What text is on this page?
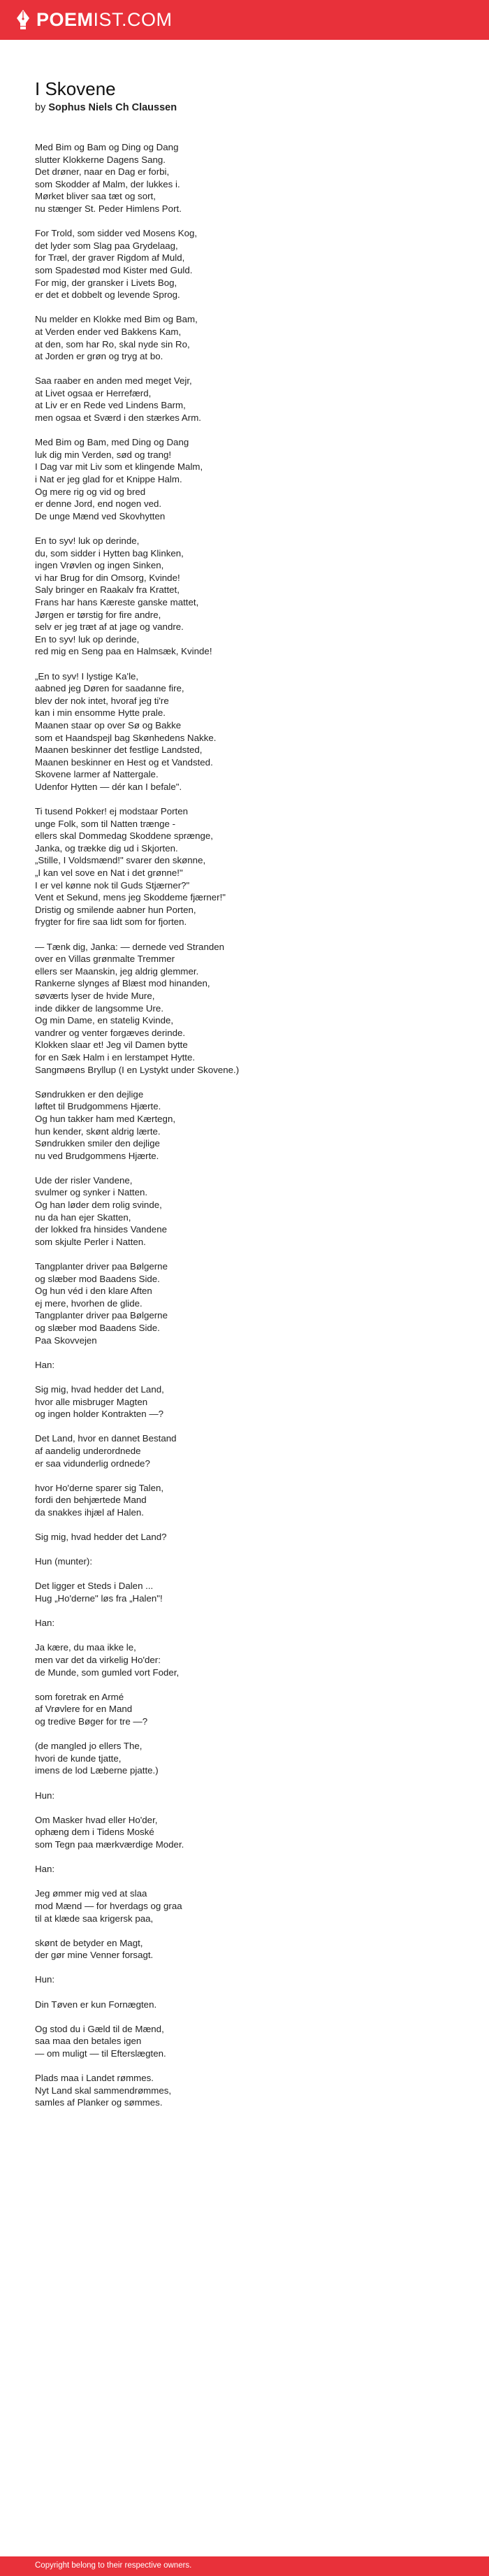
POEMIST.COM
I Skovene
by Sophus Niels Ch Claussen
Med Bim og Bam og Ding og Dang
slutter Klokkerne Dagens Sang.
Det drøner, naar en Dag er forbi,
som Skodder af Malm, der lukkes i.
Mørket bliver saa tæt og sort,
nu stænger St. Peder Himlens Port.
For Trold, som sidder ved Mosens Kog,
det lyder som Slag paa Grydelaag,
for Træl, der graver Rigdom af Muld,
som Spadestød mod Kister med Guld.
For mig, der gransker i Livets Bog,
er det et dobbelt og levende Sprog.
Nu melder en Klokke med Bim og Bam,
at Verden ender ved Bakkens Kam,
at den, som har Ro, skal nyde sin Ro,
at Jorden er grøn og tryg at bo.
Saa raaber en anden med meget Vejr,
at Livet ogsaa er Herrefærd,
at Liv er en Rede ved Lindens Barm,
men ogsaa et Sværd i den stærkes Arm.
Med Bim og Bam, med Ding og Dang
luk dig min Verden, sød og trang!
I Dag var mit Liv som et klingende Malm,
i Nat er jeg glad for et Knippe Halm.
Og mere rig og vid og bred
er denne Jord, end nogen ved.
De unge Mænd ved Skovhytten
En to syv! luk op derinde,
du, som sidder i Hytten bag Klinken,
ingen Vrøvlen og ingen Sinken,
vi har Brug for din Omsorg, Kvinde!
Saly bringer en Raakalv fra Krattet,
Frans har hans Kæreste ganske mattet,
Jørgen er tørstig for fire andre,
selv er jeg træt af at jage og vandre.
En to syv! luk op derinde,
red mig en Seng paa en Halmsæk, Kvinde!
„En to syv! I lystige Ka'le,
aabned jeg Døren for saadanne fire,
blev der nok intet, hvoraf jeg ti're
kan i min ensomme Hytte prale.
Maanen staar op over Sø og Bakke
som et Haandspejl bag Skønhedens Nakke.
Maanen beskinner det festlige Landsted,
Maanen beskinner en Hest og et Vandsted.
Skovene larmer af Nattergale.
Udenfor Hytten — dér kan I befale".
Ti tusend Pokker! ej modstaar Porten
unge Folk, som til Natten trænge -
ellers skal Dommedag Skoddene sprænge,
Janka, og trække dig ud i Skjorten.
„Stille, I Voldsmænd!" svarer den skønne,
„I kan vel sove en Nat i det grønne!"
I er vel kønne nok til Guds Stjærner?"
Vent et Sekund, mens jeg Skoddeme fjærner!"
Dristig og smilende aabner hun Porten,
frygter for fire saa lidt som for fjorten.
— Tænk dig, Janka: — dernede ved Stranden
over en Villas grønmalte Tremmer
ellers ser Maanskin, jeg aldrig glemmer.
Rankerne slynges af Blæst mod hinanden,
søværts lyser de hvide Mure,
inde dikker de langsomme Ure.
Og min Dame, en statelig Kvinde,
vandrer og venter forgæves derinde.
Klokken slaar et! Jeg vil Damen bytte
for en Sæk Halm i en lerstampet Hytte.
Sangmøens Bryllup (I en Lystykt under Skovene.)
Søndrukken er den dejlige
løftet til Brudgommens Hjærte.
Og hun takker ham med Kærtegn,
hun kender, skønt aldrig lærte.
Søndrukken smiler den dejlige
nu ved Brudgommens Hjærte.
Ude der risler Vandene,
svulmer og synker i Natten.
Og han løder dem rolig svinde,
nu da han ejer Skatten,
der lokked fra hinsides Vandene
som skjulte Perler i Natten.
Tangplanter driver paa Bølgerne
og slæber mod Baadens Side.
Og hun véd i den klare Aften
ej mere, hvorhen de glide.
Tangplanter driver paa Bølgerne
og slæber mod Baadens Side.
Paa Skovvejen
Han:
Sig mig, hvad hedder det Land,
hvor alle misbruger Magten
og ingen holder Kontrakten —?
Det Land, hvor en dannet Bestand
af aandelig underordnede
er saa vidunderlig ordnede?
hvor Ho'derne sparer sig Talen,
fordi den behjærtede Mand
da snakkes ihjæl af Halen.
Sig mig, hvad hedder det Land?
Hun (munter):
Det ligger et Steds i Dalen ...
Hug „Ho'derne" løs fra „Halen"!
Han:
Ja kære, du maa ikke le,
men var det da virkelig Ho'der:
de Munde, som gumled vort Foder,
som foretrak en Armé
af Vrøvlere for en Mand
og tredive Bøger for tre —?
(de mangled jo ellers The,
hvori de kunde tjatte,
imens de lod Læberne pjatte.)
Hun:
Om Masker hvad eller Ho'der,
ophæng dem i Tidens Moské
som Tegn paa mærkværdige Moder.
Han:
Jeg ømmer mig ved at slaa
mod Mænd — for hverdags og graa
til at klæde saa krigersk paa,
skønt de betyder en Magt,
der gør mine Venner forsagt.
Hun:
Din Tøven er kun Fornægten.
Og stod du i Gæld til de Mænd,
saa maa den betales igen
— om muligt — til Efterslægten.
Plads maa i Landet rømmes.
Nyt Land skal sammendrømmes,
samles af Planker og sømmes.
Copyright belong to their respective owners.
